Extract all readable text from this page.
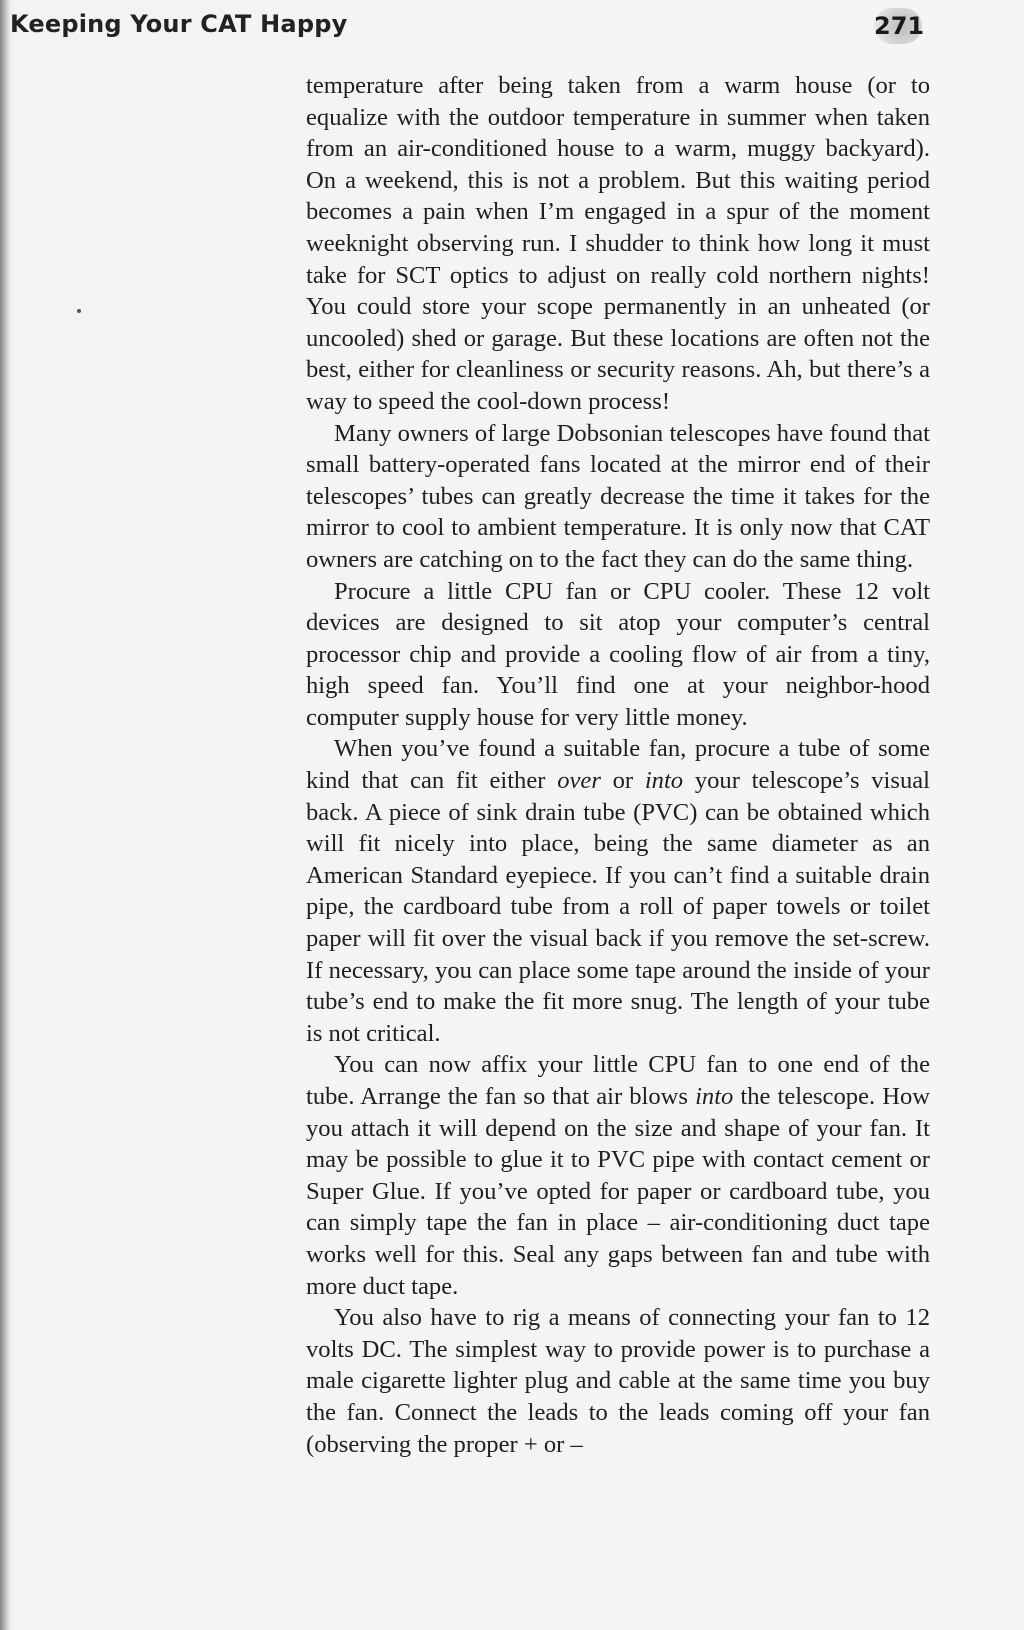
Keeping Your CAT Happy	271

temperature after being taken from a warm house (or to equalize with the outdoor temperature in summer when taken from an air-conditioned house to a warm, muggy backyard). On a weekend, this is not a problem. But this waiting period becomes a pain when I’m engaged in a spur of the moment weeknight observing run. I shudder to think how long it must take for SCT optics to adjust on really cold northern nights! You could store your scope permanently in an unheated (or uncooled) shed or garage. But these locations are often not the best, either for cleanliness or security reasons. Ah, but there’s a way to speed the cool-down process!

Many owners of large Dobsonian telescopes have found that small battery-operated fans located at the mirror end of their telescopes’ tubes can greatly decrease the time it takes for the mirror to cool to ambient temperature. It is only now that CAT owners are catching on to the fact they can do the same thing.

Procure a little CPU fan or CPU cooler. These 12 volt devices are designed to sit atop your computer’s central processor chip and provide a cooling flow of air from a tiny, high speed fan. You’ll find one at your neighbor-hood computer supply house for very little money.

When you’ve found a suitable fan, procure a tube of some kind that can fit either over or into your telescope’s visual back. A piece of sink drain tube (PVC) can be obtained which will fit nicely into place, being the same diameter as an American Standard eyepiece. If you can’t find a suitable drain pipe, the cardboard tube from a roll of paper towels or toilet paper will fit over the visual back if you remove the set-screw. If necessary, you can place some tape around the inside of your tube’s end to make the fit more snug. The length of your tube is not critical.

You can now affix your little CPU fan to one end of the tube. Arrange the fan so that air blows into the telescope. How you attach it will depend on the size and shape of your fan. It may be possible to glue it to PVC pipe with contact cement or Super Glue. If you’ve opted for paper or cardboard tube, you can simply tape the fan in place – air-conditioning duct tape works well for this. Seal any gaps between fan and tube with more duct tape.

You also have to rig a means of connecting your fan to 12 volts DC. The simplest way to provide power is to purchase a male cigarette lighter plug and cable at the same time you buy the fan. Connect the leads to the leads coming off your fan (observing the proper + or –
